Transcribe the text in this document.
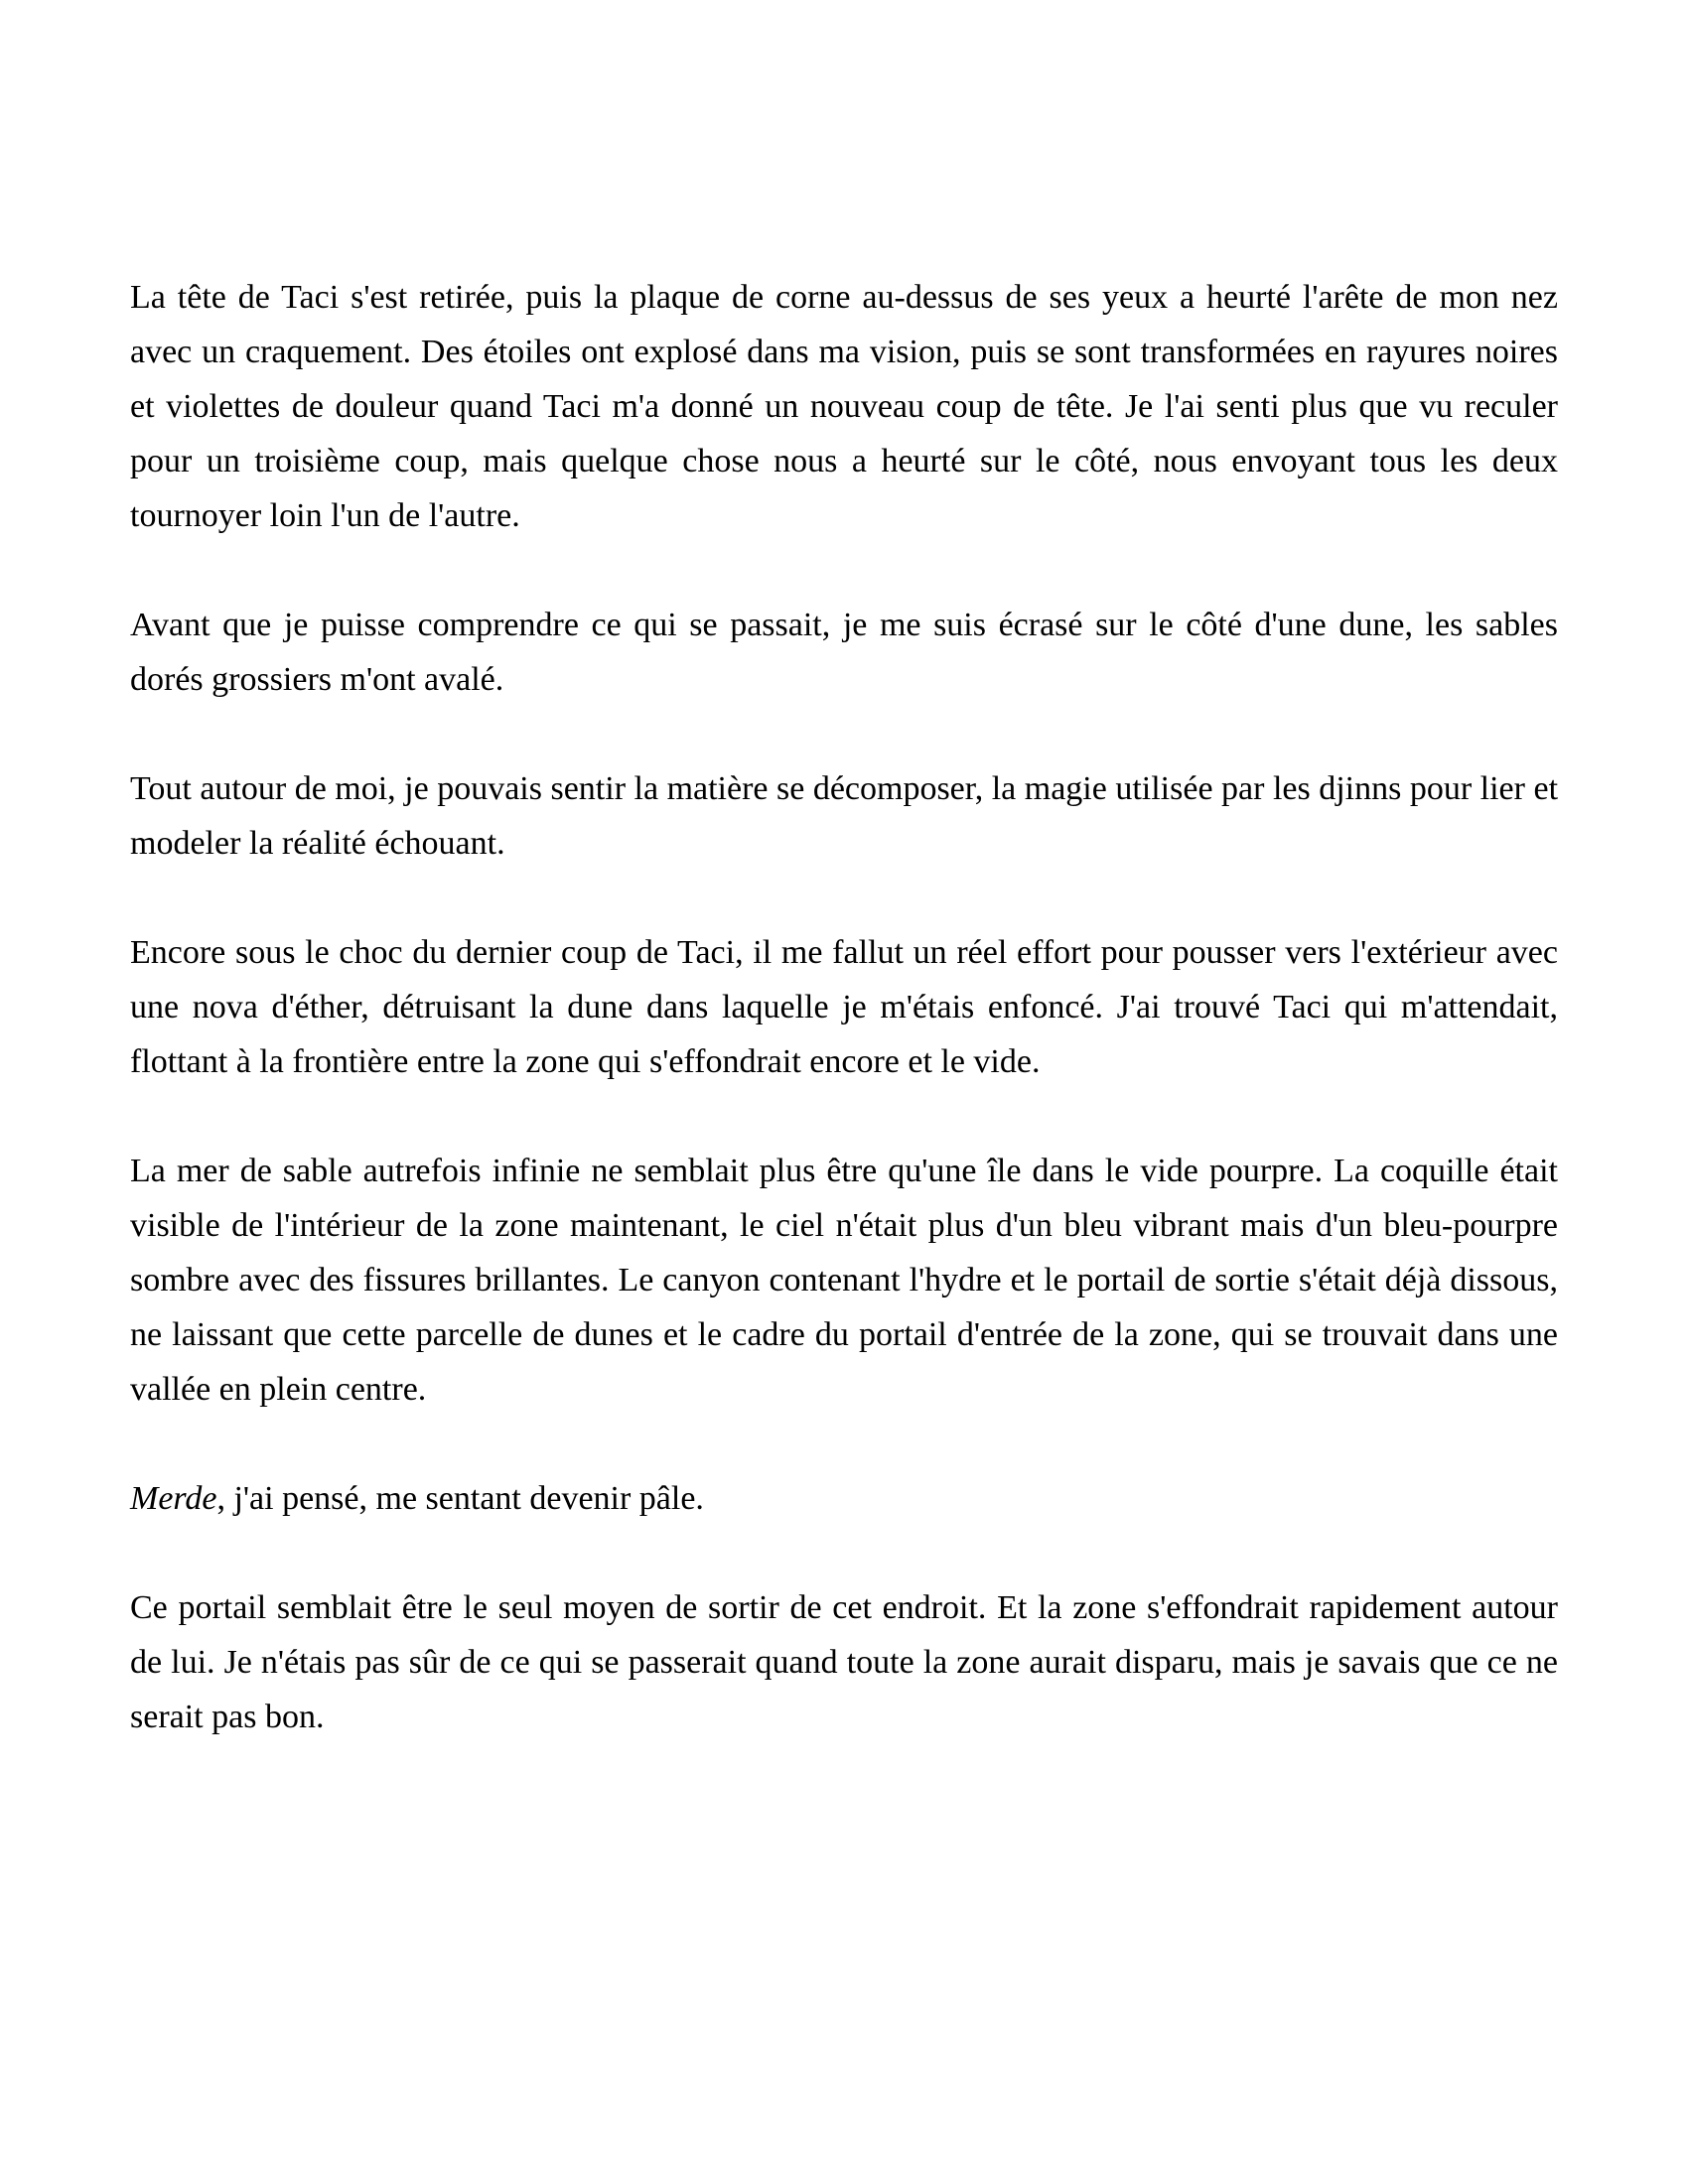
La tête de Taci s'est retirée, puis la plaque de corne au-dessus de ses yeux a heurté l'arête de mon nez avec un craquement. Des étoiles ont explosé dans ma vision, puis se sont transformées en rayures noires et violettes de douleur quand Taci m'a donné un nouveau coup de tête. Je l'ai senti plus que vu reculer pour un troisième coup, mais quelque chose nous a heurté sur le côté, nous envoyant tous les deux tournoyer loin l'un de l'autre.

Avant que je puisse comprendre ce qui se passait, je me suis écrasé sur le côté d'une dune, les sables dorés grossiers m'ont avalé.

Tout autour de moi, je pouvais sentir la matière se décomposer, la magie utilisée par les djinns pour lier et modeler la réalité échouant.

Encore sous le choc du dernier coup de Taci, il me fallut un réel effort pour pousser vers l'extérieur avec une nova d'éther, détruisant la dune dans laquelle je m'étais enfoncé. J'ai trouvé Taci qui m'attendait, flottant à la frontière entre la zone qui s'effondrait encore et le vide.

La mer de sable autrefois infinie ne semblait plus être qu'une île dans le vide pourpre. La coquille était visible de l'intérieur de la zone maintenant, le ciel n'était plus d'un bleu vibrant mais d'un bleu-pourpre sombre avec des fissures brillantes. Le canyon contenant l'hydre et le portail de sortie s'était déjà dissous, ne laissant que cette parcelle de dunes et le cadre du portail d'entrée de la zone, qui se trouvait dans une vallée en plein centre.

Merde, j'ai pensé, me sentant devenir pâle.

Ce portail semblait être le seul moyen de sortir de cet endroit. Et la zone s'effondrait rapidement autour de lui. Je n'étais pas sûr de ce qui se passerait quand toute la zone aurait disparu, mais je savais que ce ne serait pas bon.
